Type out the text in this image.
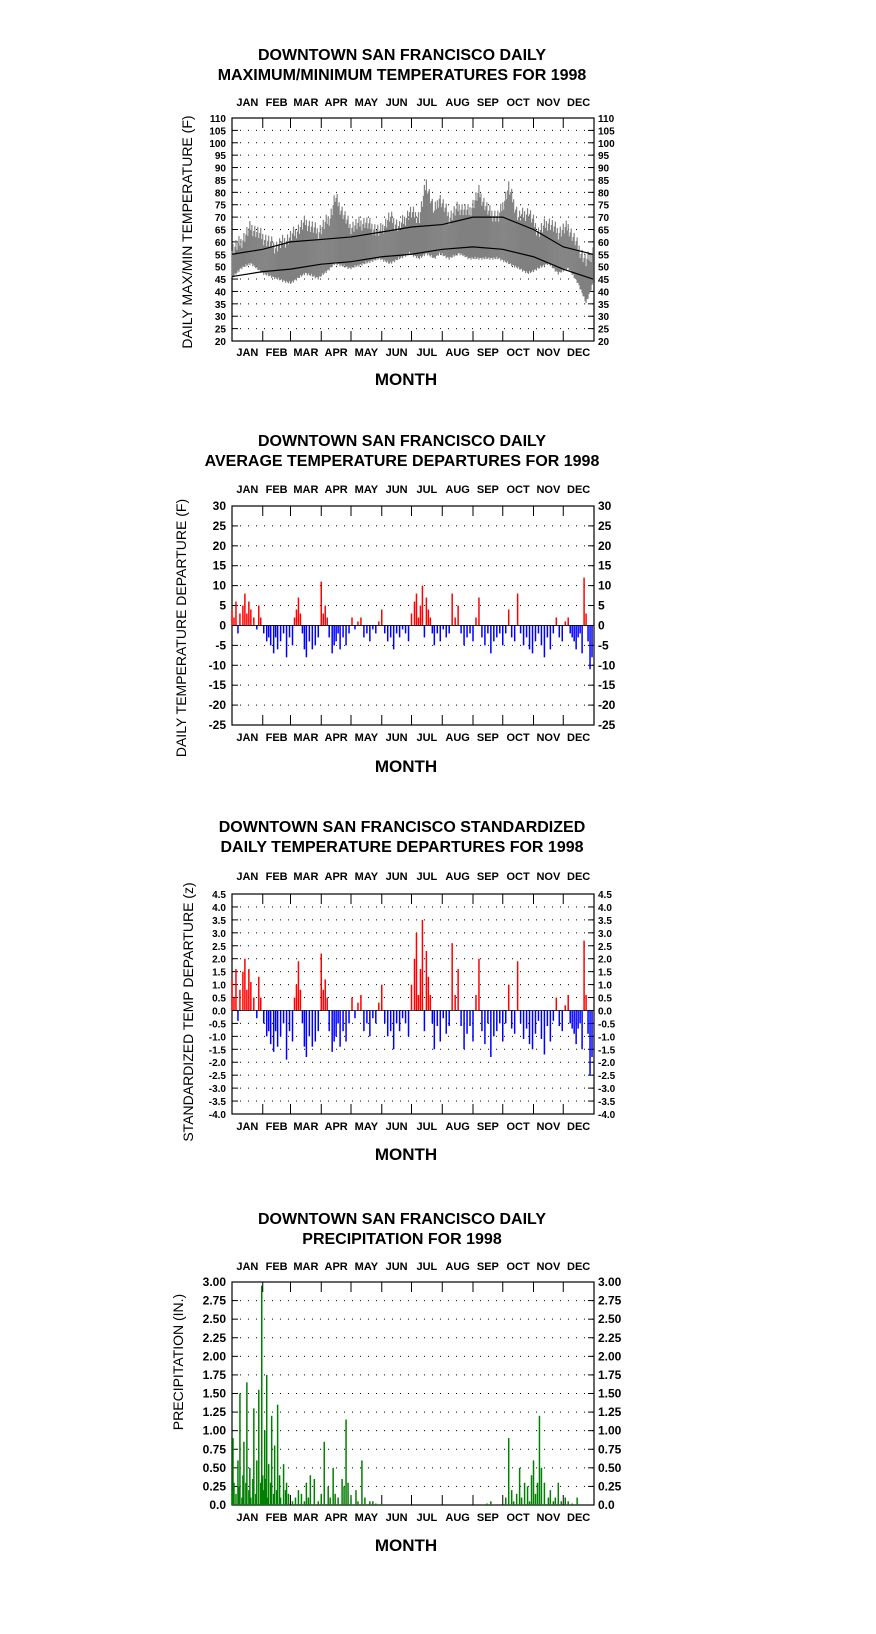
DOWNTOWN SAN FRANCISCO DAILY
MAXIMUM/MINIMUM TEMPERATURES FOR 1998
JAN
JAN
FEB
FEB
MAR
MAR
APR
APR
MAY
MAY
JUN
JUN
JUL
JUL
AUG
AUG
SEP
SEP
OCT
OCT
NOV
NOV
DEC
DEC
110	110
105	105
100	100
95	95
90	90
85	85
80	80
75	75
70	70
65	65
60	60
55	55
50	50
45	45
40	40
35	35
30	30
25	25
20	20
DAILY MAX/MIN TEMPERATURE (F)
MONTH
DOWNTOWN SAN FRANCISCO DAILY
AVERAGE TEMPERATURE DEPARTURES FOR 1998
JAN
JAN
FEB
FEB
MAR
MAR
APR
APR
MAY
MAY
JUN
JUN
JUL
JUL
AUG
AUG
SEP
SEP
OCT
OCT
NOV
NOV
DEC
DEC
30	30
25	25
20	20
15	15
10	10
5	5
0	0
-5	-5
-10	-10
-15	-15
-20	-20
-25	-25
DAILY TEMPERATURE DEPARTURE (F)
MONTH
DOWNTOWN SAN FRANCISCO STANDARDIZED
DAILY TEMPERATURE DEPARTURES FOR 1998
JAN
JAN
FEB
FEB
MAR
MAR
APR
APR
MAY
MAY
JUN
JUN
JUL
JUL
AUG
AUG
SEP
SEP
OCT
OCT
NOV
NOV
DEC
DEC
4.5	4.5
4.0	4.0
3.5	3.5
3.0	3.0
2.5	2.5
2.0	2.0
1.5	1.5
1.0	1.0
0.5	0.5
0.0	0.0
-0.5	-0.5
-1.0	-1.0
-1.5	-1.5
-2.0	-2.0
-2.5	-2.5
-3.0	-3.0
-3.5	-3.5
-4.0	-4.0
STANDARDIZED TEMP DEPARTURE (z)
MONTH
DOWNTOWN SAN FRANCISCO DAILY
PRECIPITATION FOR 1998
JAN
JAN
FEB
FEB
MAR
MAR
APR
APR
MAY
MAY
JUN
JUN
JUL
JUL
AUG
AUG
SEP
SEP
OCT
OCT
NOV
NOV
DEC
DEC
3.00	3.00
2.75	2.75
2.50	2.50
2.25	2.25
2.00	2.00
1.75	1.75
1.50	1.50
1.25	1.25
1.00	1.00
0.75	0.75
0.50	0.50
0.25	0.25
0.0	0.0
PRECIPITATION (IN.)
MONTH
